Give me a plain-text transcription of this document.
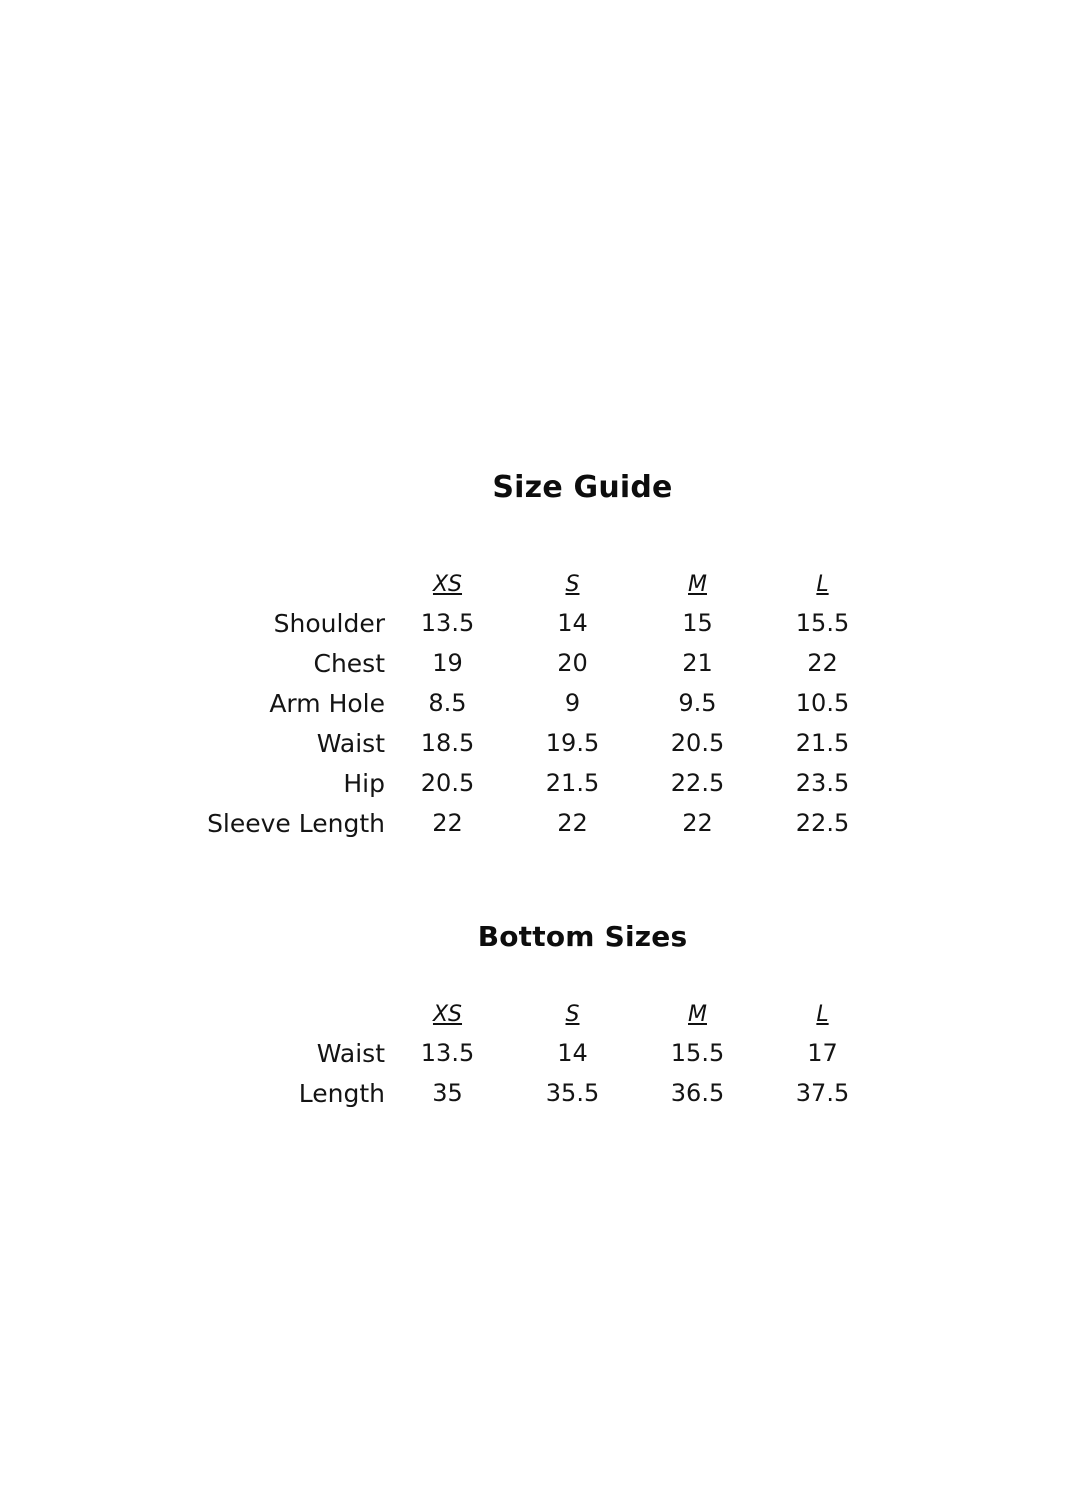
Size Guide
	XS	S	M	L
Shoulder	13.5	14	15	15.5
Chest	19	20	21	22
Arm Hole	8.5	9	9.5	10.5
Waist	18.5	19.5	20.5	21.5
Hip	20.5	21.5	22.5	23.5
Sleeve Length	22	22	22	22.5
Bottom Sizes
	XS	S	M	L
Waist	13.5	14	15.5	17
Length	35	35.5	36.5	37.5
